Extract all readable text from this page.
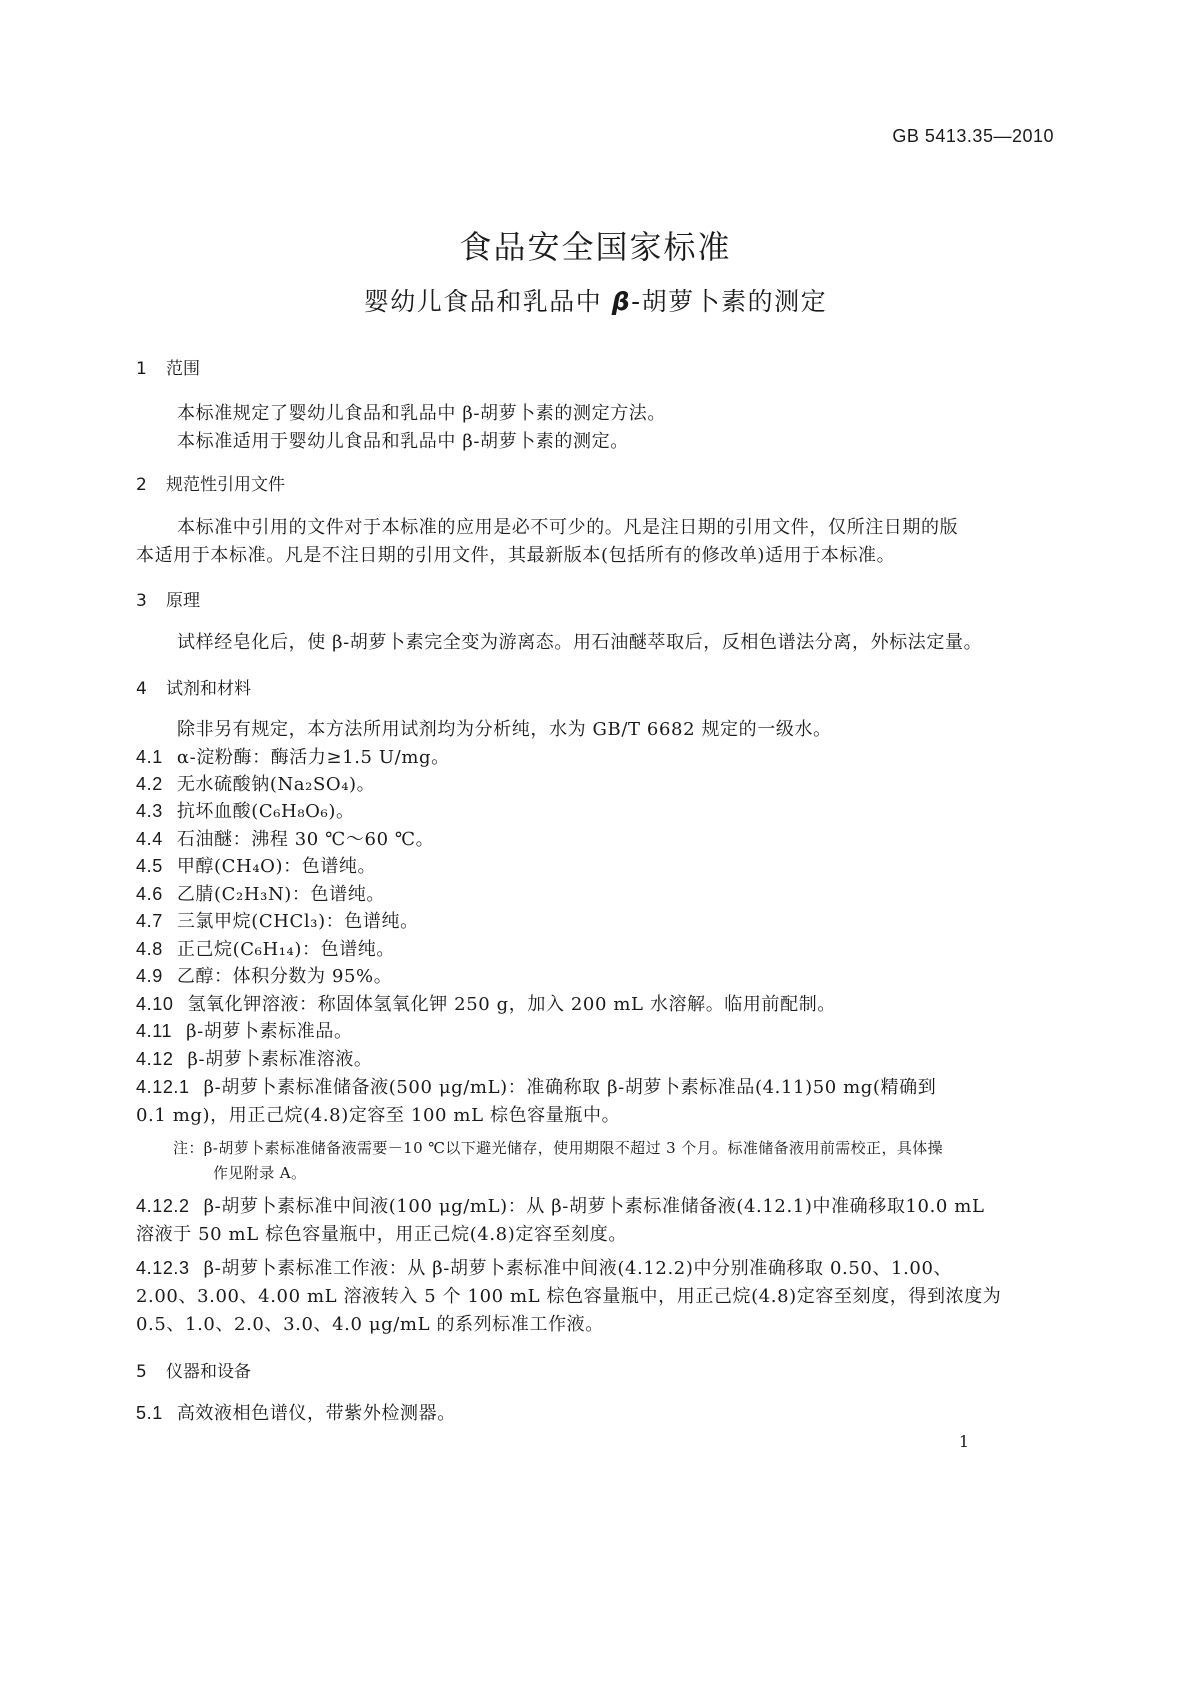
GB 5413.35—2010
食品安全国家标准
婴幼儿食品和乳品中 β-胡萝卜素的测定
1 范围
本标准规定了婴幼儿食品和乳品中 β-胡萝卜素的测定方法。
本标准适用于婴幼儿食品和乳品中 β-胡萝卜素的测定。
2 规范性引用文件
本标准中引用的文件对于本标准的应用是必不可少的。凡是注日期的引用文件，仅所注日期的版
本适用于本标准。凡是不注日期的引用文件，其最新版本(包括所有的修改单)适用于本标准。
3 原理
试样经皂化后，使 β-胡萝卜素完全变为游离态。用石油醚萃取后，反相色谱法分离，外标法定量。
4 试剂和材料
除非另有规定，本方法所用试剂均为分析纯，水为 GB/T 6682 规定的一级水。
4.1 α-淀粉酶：酶活力≥1.5 U/mg。
4.2 无水硫酸钠(Na₂SO₄)。
4.3 抗坏血酸(C₆H₈O₆)。
4.4 石油醚：沸程 30 ℃～60 ℃。
4.5 甲醇(CH₄O)：色谱纯。
4.6 乙腈(C₂H₃N)：色谱纯。
4.7 三氯甲烷(CHCl₃)：色谱纯。
4.8 正己烷(C₆H₁₄)：色谱纯。
4.9 乙醇：体积分数为 95%。
4.10 氢氧化钾溶液：称固体氢氧化钾 250 g，加入 200 mL 水溶解。临用前配制。
4.11 β-胡萝卜素标准品。
4.12 β-胡萝卜素标准溶液。
4.12.1 β-胡萝卜素标准储备液(500 μg/mL)：准确称取 β-胡萝卜素标准品(4.11)50 mg(精确到
0.1 mg)，用正己烷(4.8)定容至 100 mL 棕色容量瓶中。
注：β-胡萝卜素标准储备液需要－10 ℃以下避光储存，使用期限不超过 3 个月。标准储备液用前需校正，具体操
作见附录 A。
4.12.2 β-胡萝卜素标准中间液(100 μg/mL)：从 β-胡萝卜素标准储备液(4.12.1)中准确移取10.0 mL
溶液于 50 mL 棕色容量瓶中，用正己烷(4.8)定容至刻度。
4.12.3 β-胡萝卜素标准工作液：从 β-胡萝卜素标准中间液(4.12.2)中分别准确移取 0.50、1.00、
2.00、3.00、4.00 mL 溶液转入 5 个 100 mL 棕色容量瓶中，用正己烷(4.8)定容至刻度，得到浓度为
0.5、1.0、2.0、3.0、4.0 μg/mL 的系列标准工作液。
5 仪器和设备
5.1 高效液相色谱仪，带紫外检测器。
1
